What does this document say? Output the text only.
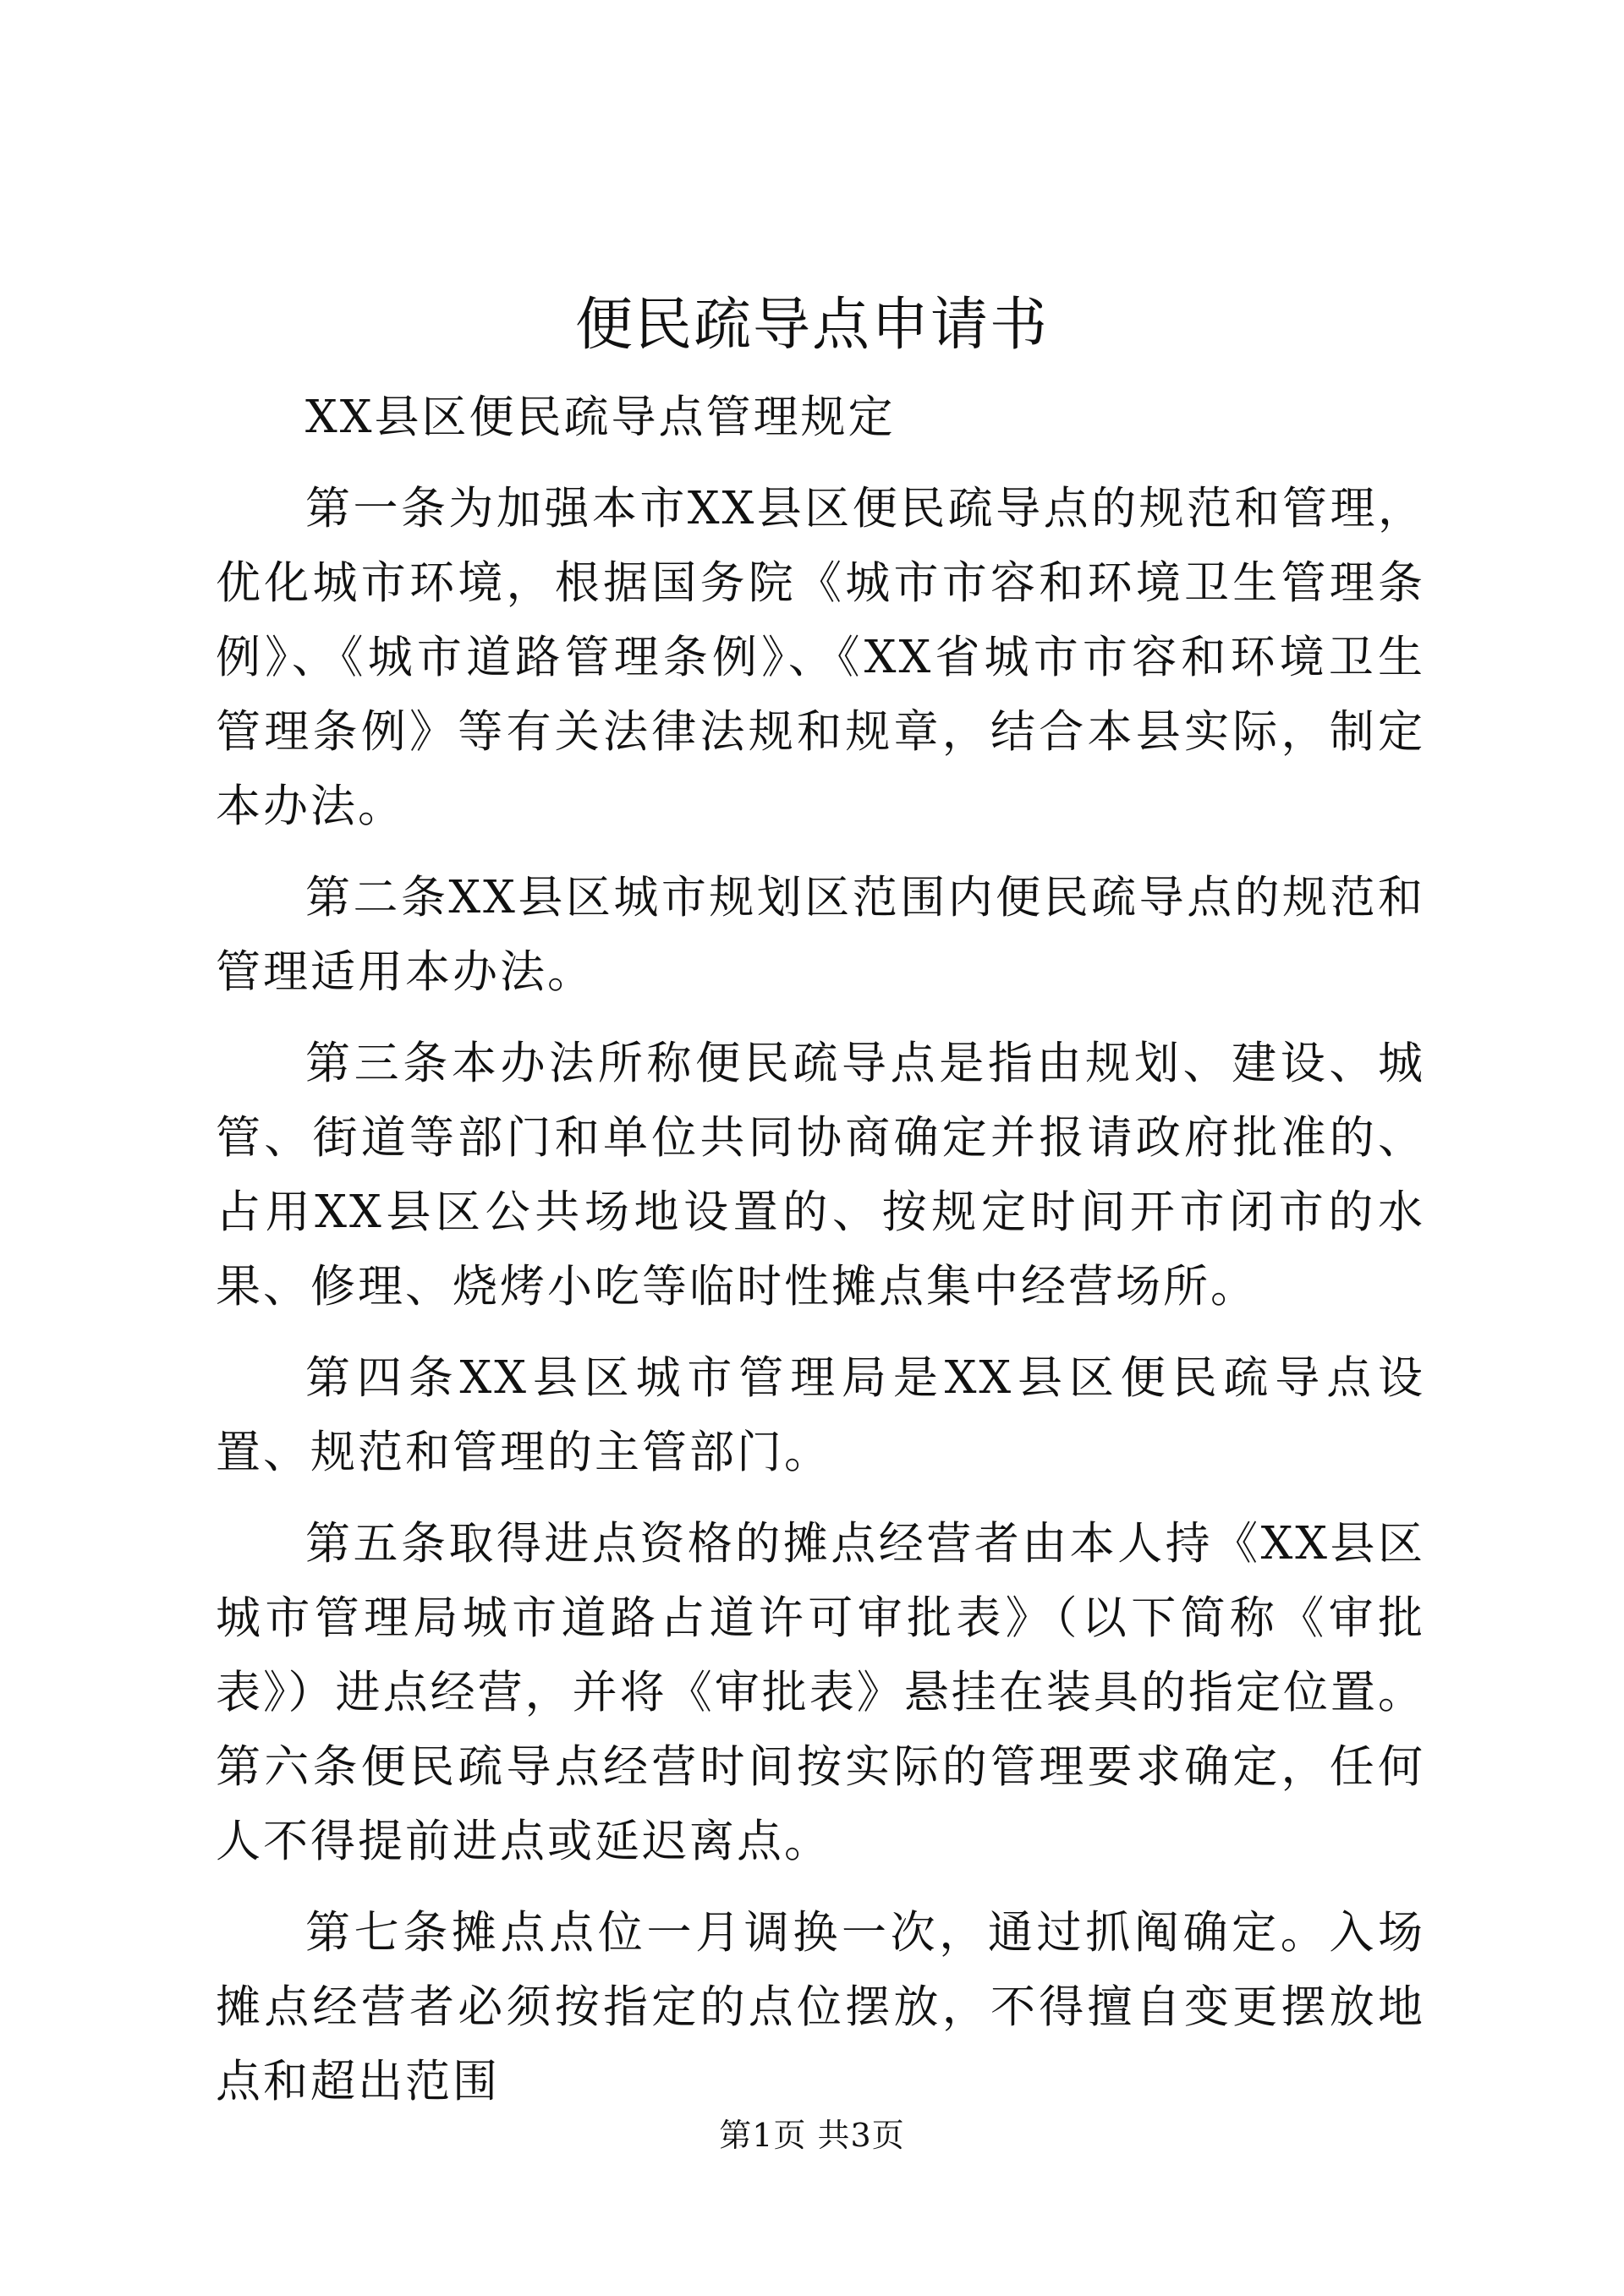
便民疏导点申请书

XX县区便民疏导点管理规定

第一条为加强本市XX县区便民疏导点的规范和管理，优化城市环境，根据国务院《城市市容和环境卫生管理条例》、《城市道路管理条例》、《XX省城市市容和环境卫生管理条例》等有关法律法规和规章，结合本县实际，制定本办法。

第二条XX县区城市规划区范围内便民疏导点的规范和管理适用本办法。

第三条本办法所称便民疏导点是指由规划、建设、城管、街道等部门和单位共同协商确定并报请政府批准的、占用XX县区公共场地设置的、按规定时间开市闭市的水果、修理、烧烤小吃等临时性摊点集中经营场所。

第四条XX县区城市管理局是XX县区便民疏导点设置、规范和管理的主管部门。

第五条取得进点资格的摊点经营者由本人持《XX县区城市管理局城市道路占道许可审批表》（以下简称《审批表》）进点经营，并将《审批表》悬挂在装具的指定位置。第六条便民疏导点经营时间按实际的管理要求确定，任何人不得提前进点或延迟离点。

第七条摊点点位一月调换一次，通过抓阄确定。入场摊点经营者必须按指定的点位摆放，不得擅自变更摆放地点和超出范围

第1页 共3页
